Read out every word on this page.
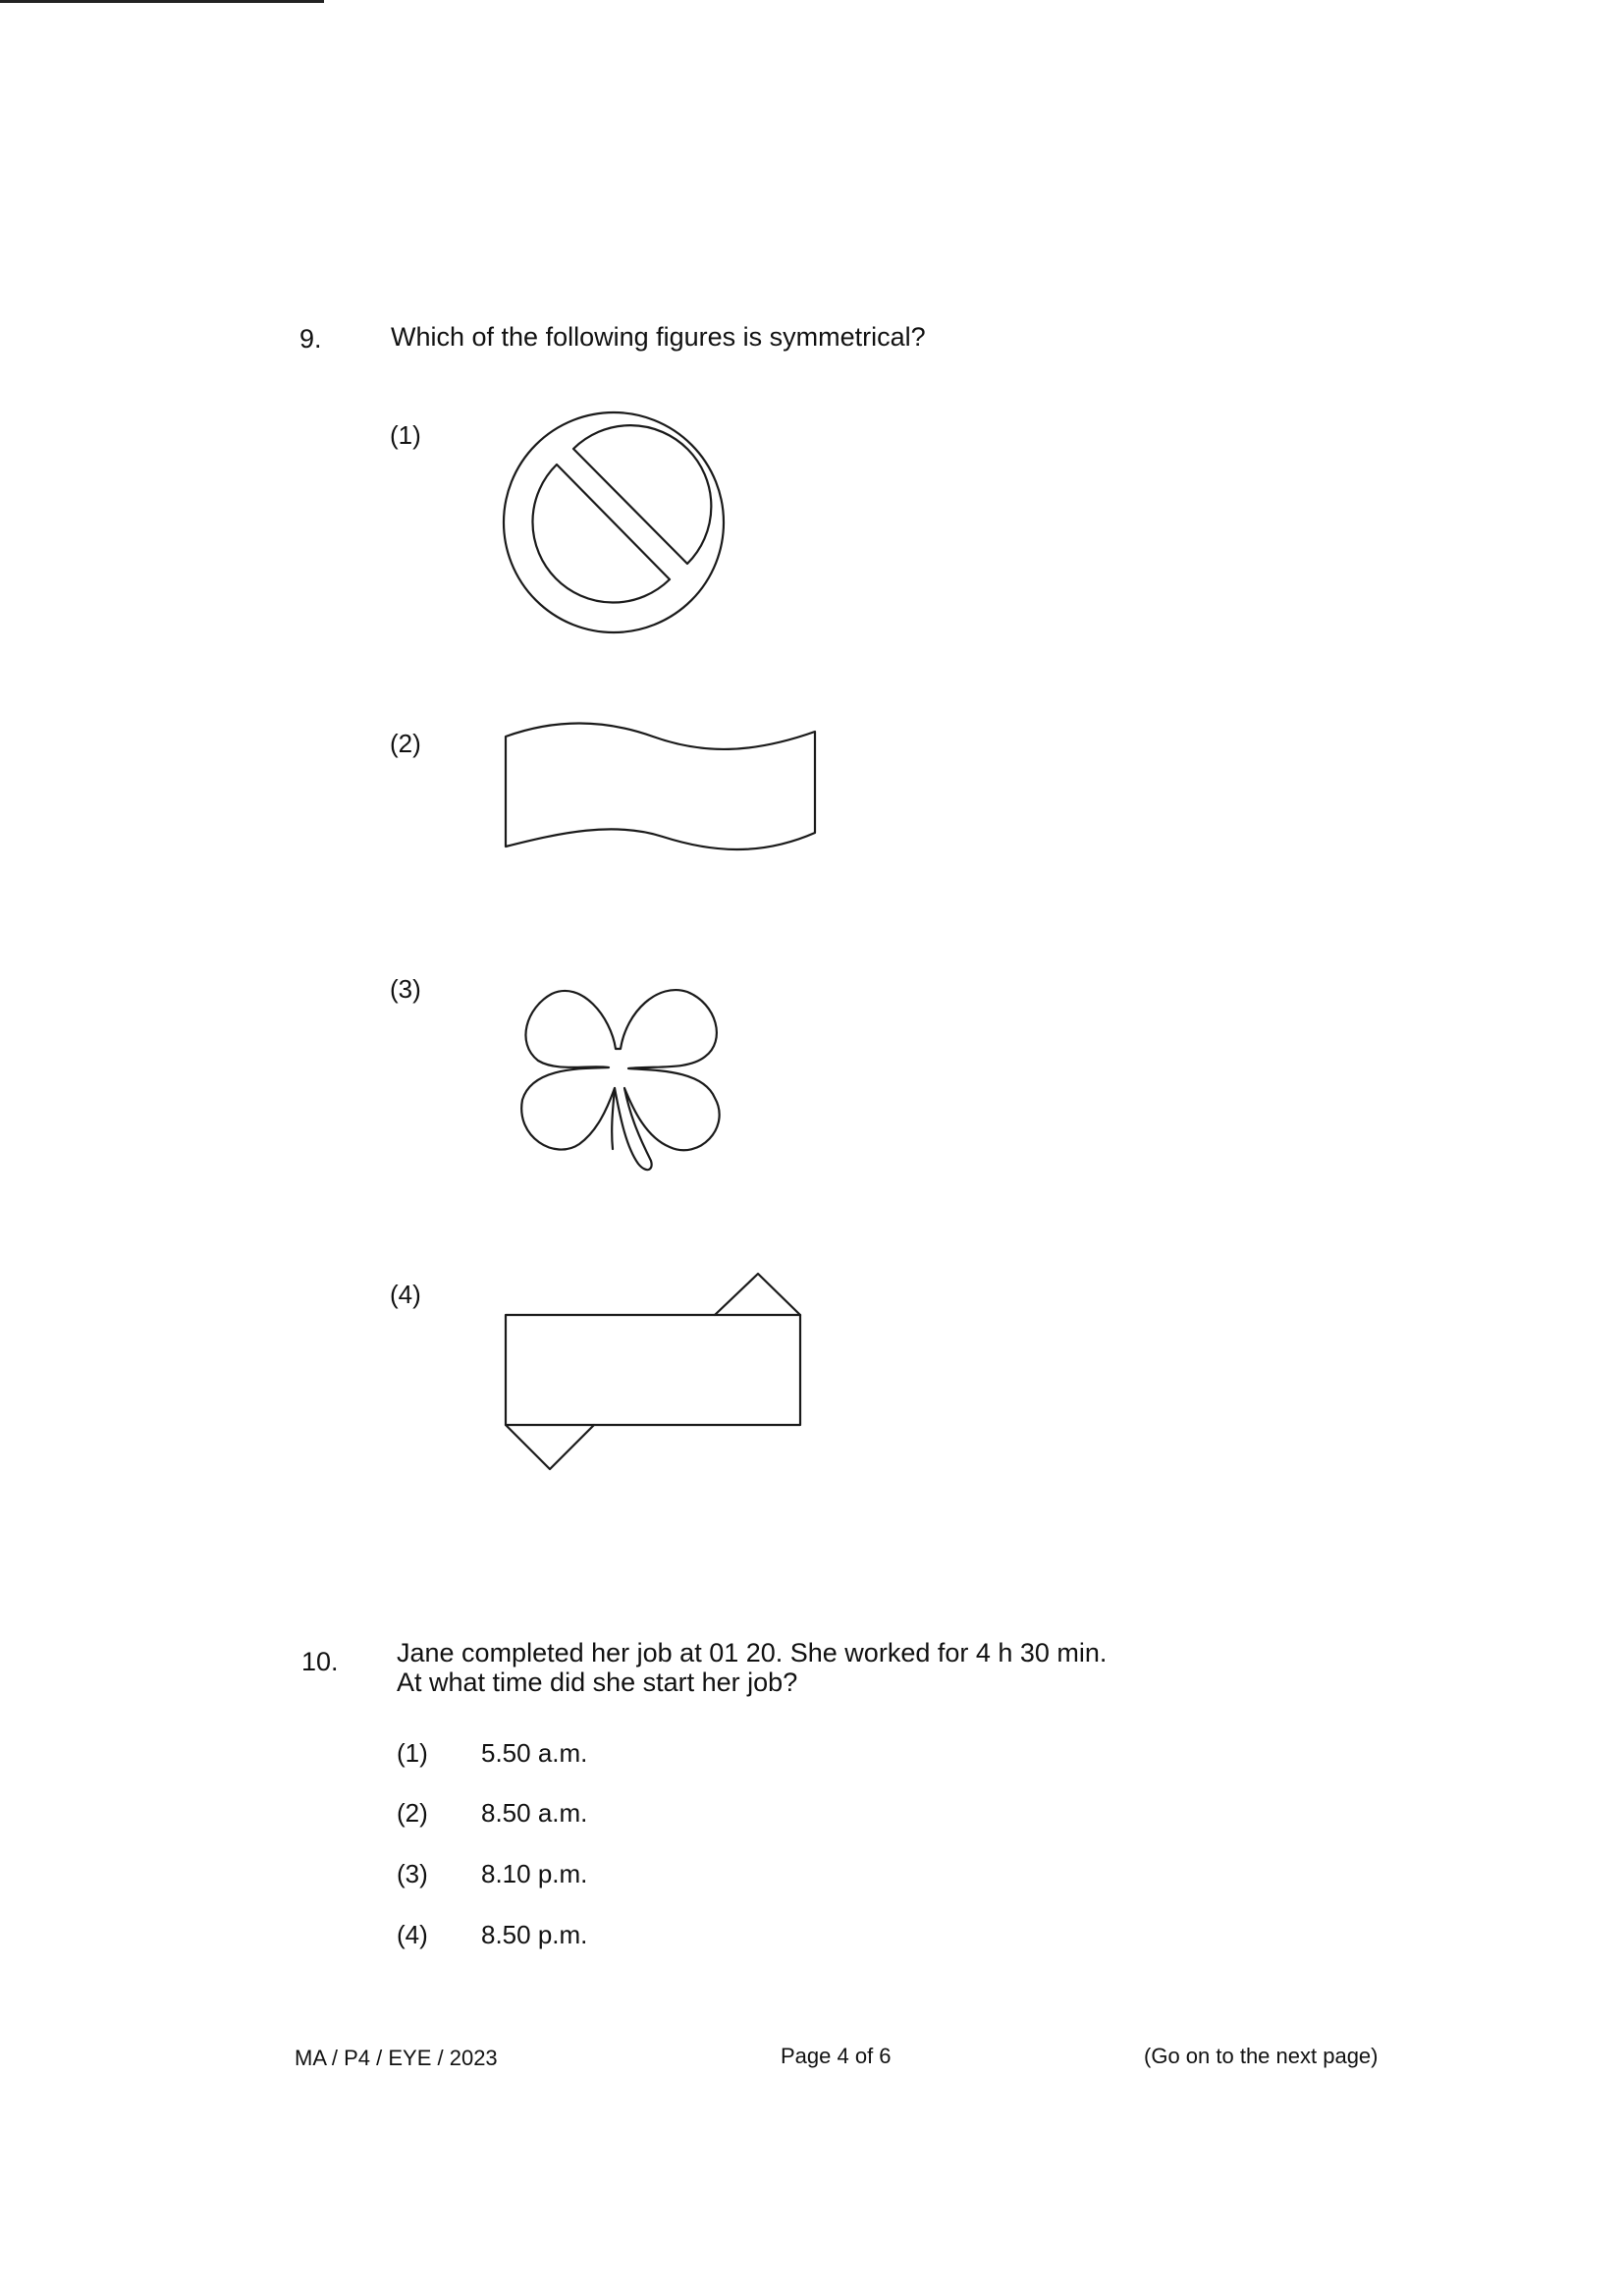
9.	Which of the following figures is symmetrical?
(1)
(2)
(3)
(4)
10. Jane completed her job at 01 20. She worked for 4 h 30 min.
At what time did she start her job?
(1) 5.50 a.m.
(2) 8.50 a.m.
(3) 8.10 p.m.
(4) 8.50 p.m.
MA / P4 / EYE / 2023	Page 4 of 6	(Go on to the next page)
